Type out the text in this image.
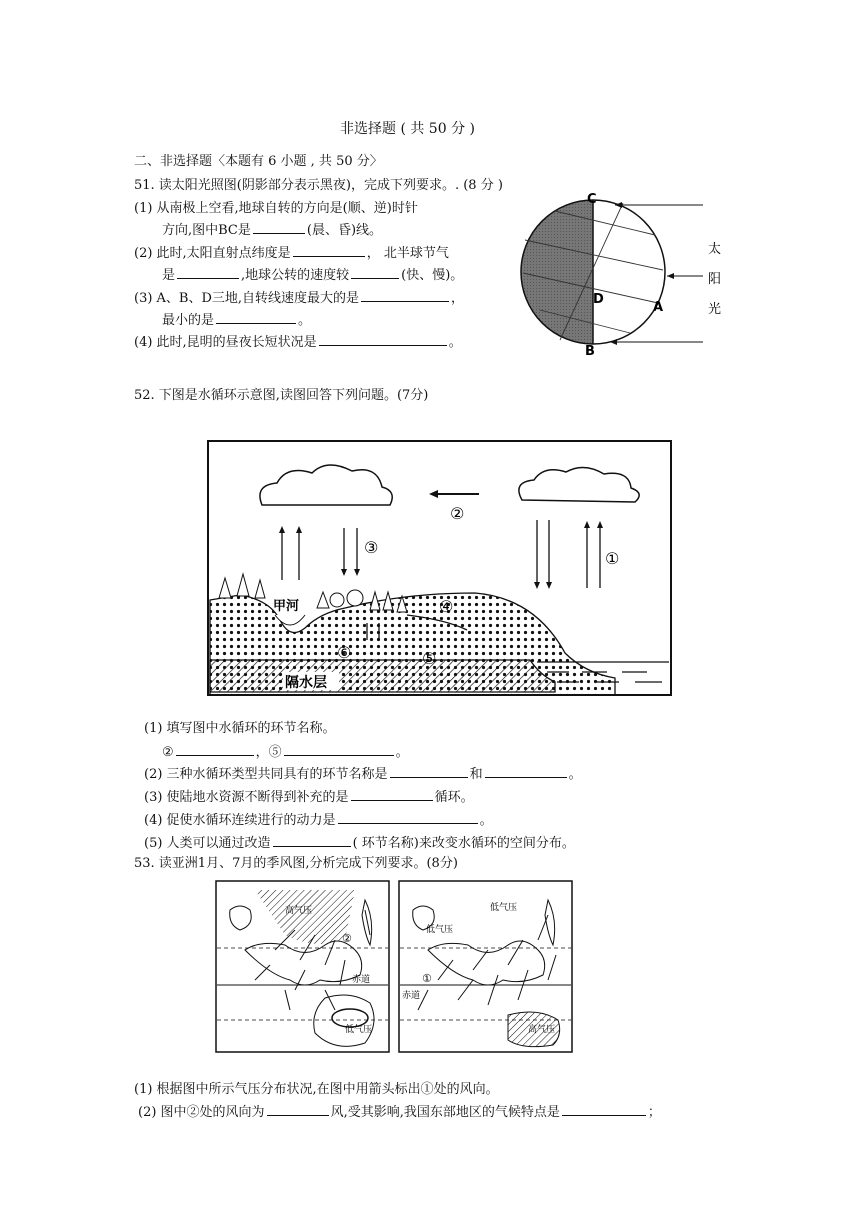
非选择题 ( 共 50 分 )
二、非选择题〈本题有 6 小题 , 共 50 分〉
51. 读太阳光照图(阴影部分表示黑夜)，完成下列要求。. (8 分 )
(1) 从南极上空看,地球自转的方向是(顺、逆)时针
方向,图中BC是	(晨、昏)线。
(2) 此时,太阳直射点纬度是	， 北半球节气
是	,地球公转的速度较	(快、慢)。
(3) A、B、D三地,自转线速度最大的是	，
最小的是	。
(4) 此时,昆明的昼夜长短状况是	。
C
D
A
B
太
阳
光
52. 下图是水循环示意图,读图回答下列问题。(7分)
②
③
①
甲河	④
⑥	⑤
隔水层
(1) 填写图中水循环的环节名称。
②	，⑤	。
(2) 三种水循环类型共同具有的环节名称是	和	。
(3) 使陆地水资源不断得到补充的是	循环。
(4) 促使水循环连续进行的动力是	。
(5) 人类可以通过改造	( 环节名称)来改变水循环的空间分布。
53. 读亚洲1月、7月的季风图,分析完成下列要求。(8分)
高气压
②
赤道
低气压
低气压
低气压
①
赤道
高气压
(1) 根据图中所示气压分布状况,在图中用箭头标出①处的风向。
(2) 图中②处的风向为	风,受其影响,我国东部地区的气候特点是	；
